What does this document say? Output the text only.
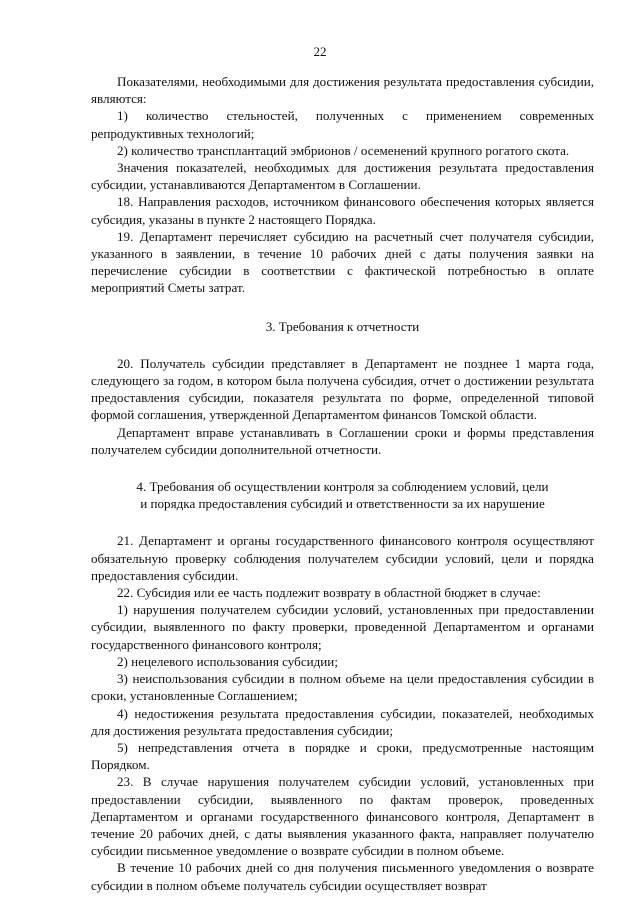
22

Показателями, необходимыми для достижения результата предоставления субсидии, являются:

1) количество стельностей, полученных с применением современных репродуктивных технологий;

2) количество трансплантаций эмбрионов / осеменений крупного рогатого скота.

Значения показателей, необходимых для достижения результата предоставления субсидии, устанавливаются Департаментом в Соглашении.

18. Направления расходов, источником финансового обеспечения которых является субсидия, указаны в пункте 2 настоящего Порядка.

19. Департамент перечисляет субсидию на расчетный счет получателя субсидии, указанного в заявлении, в течение 10 рабочих дней с даты получения заявки на перечисление субсидии в соответствии с фактической потребностью в оплате мероприятий Сметы затрат.

3. Требования к отчетности

20. Получатель субсидии представляет в Департамент не позднее 1 марта года, следующего за годом, в котором была получена субсидия, отчет о достижении результата предоставления субсидии, показателя результата по форме, определенной типовой формой соглашения, утвержденной Департаментом финансов Томской области.

Департамент вправе устанавливать в Соглашении сроки и формы представления получателем субсидии дополнительной отчетности.

4. Требования об осуществлении контроля за соблюдением условий, цели

и порядка предоставления субсидий и ответственности за их нарушение

21. Департамент и органы государственного финансового контроля осуществляют обязательную проверку соблюдения получателем субсидии условий, цели и порядка предоставления субсидии.

22. Субсидия или ее часть подлежит возврату в областной бюджет в случае:

1) нарушения получателем субсидии условий, установленных при предоставлении субсидии, выявленного по факту проверки, проведенной Департаментом и органами государственного финансового контроля;

2) нецелевого использования субсидии;

3) неиспользования субсидии в полном объеме на цели предоставления субсидии в сроки, установленные Соглашением;

4) недостижения результата предоставления субсидии, показателей, необходимых для достижения результата предоставления субсидии;

5) непредставления отчета в порядке и сроки, предусмотренные настоящим Порядком.

23. В случае нарушения получателем субсидии условий, установленных при предоставлении субсидии, выявленного по фактам проверок, проведенных Департаментом и органами государственного финансового контроля, Департамент в течение 20 рабочих дней, с даты выявления указанного факта, направляет получателю субсидии письменное уведомление о возврате субсидии в полном объеме.

В течение 10 рабочих дней со дня получения письменного уведомления о возврате субсидии в полном объеме получатель субсидии осуществляет возврат
